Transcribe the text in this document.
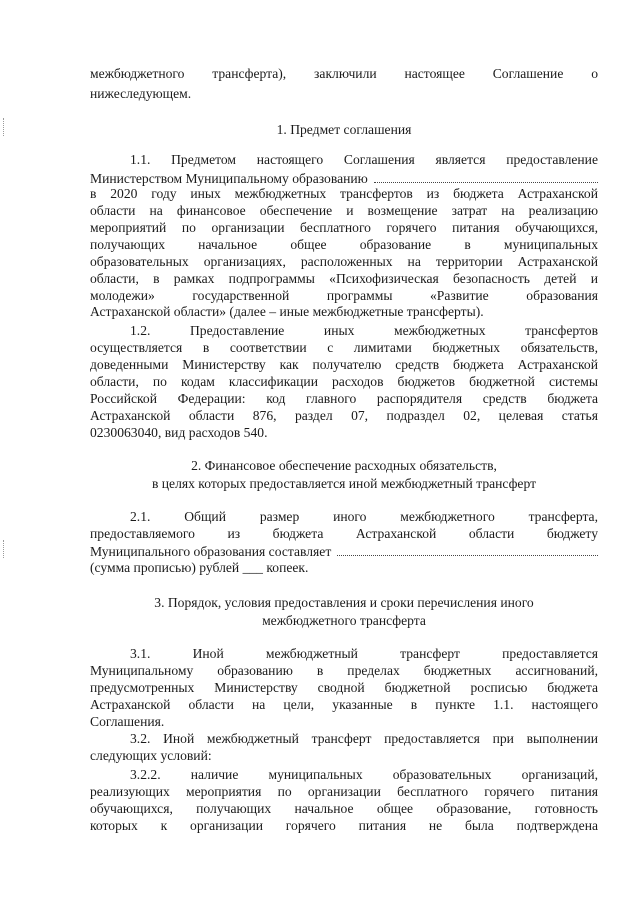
межбюджетного трансферта), заключили настоящее Соглашение о
нижеследующем.
1. Предмет соглашения
1.1. Предметом настоящего Соглашения является предоставление
Министерством Муниципальному образованию
в 2020 году иных межбюджетных трансфертов из бюджета Астраханской
области на финансовое обеспечение и возмещение затрат на реализацию
мероприятий по организации бесплатного горячего питания обучающихся,
получающих начальное общее образование в муниципальных
образовательных организациях, расположенных на территории Астраханской
области, в рамках подпрограммы «Психофизическая безопасность детей и
молодежи» государственной программы «Развитие образования
Астраханской области» (далее – иные межбюджетные трансферты).
1.2. Предоставление иных межбюджетных трансфертов
осуществляется в соответствии с лимитами бюджетных обязательств,
доведенными Министерству как получателю средств бюджета Астраханской
области, по кодам классификации расходов бюджетов бюджетной системы
Российской Федерации: код главного распорядителя средств бюджета
Астраханской области 876, раздел 07, подраздел 02, целевая статья
0230063040, вид расходов 540.
2. Финансовое обеспечение расходных обязательств,
в целях которых предоставляется иной межбюджетный трансферт
2.1. Общий размер иного межбюджетного трансферта,
предоставляемого из бюджета Астраханской области бюджету
Муниципального образования составляет
(сумма прописью) рублей ___ копеек.
3. Порядок, условия предоставления и сроки перечисления иного
межбюджетного трансферта
3.1. Иной межбюджетный трансферт предоставляется
Муниципальному образованию в пределах бюджетных ассигнований,
предусмотренных Министерству сводной бюджетной росписью бюджета
Астраханской области на цели, указанные в пункте 1.1. настоящего
Соглашения.
3.2. Иной межбюджетный трансферт предоставляется при выполнении
следующих условий:
3.2.2. наличие муниципальных образовательных организаций,
реализующих мероприятия по организации бесплатного горячего питания
обучающихся, получающих начальное общее образование, готовность
которых к организации горячего питания не была подтверждена
